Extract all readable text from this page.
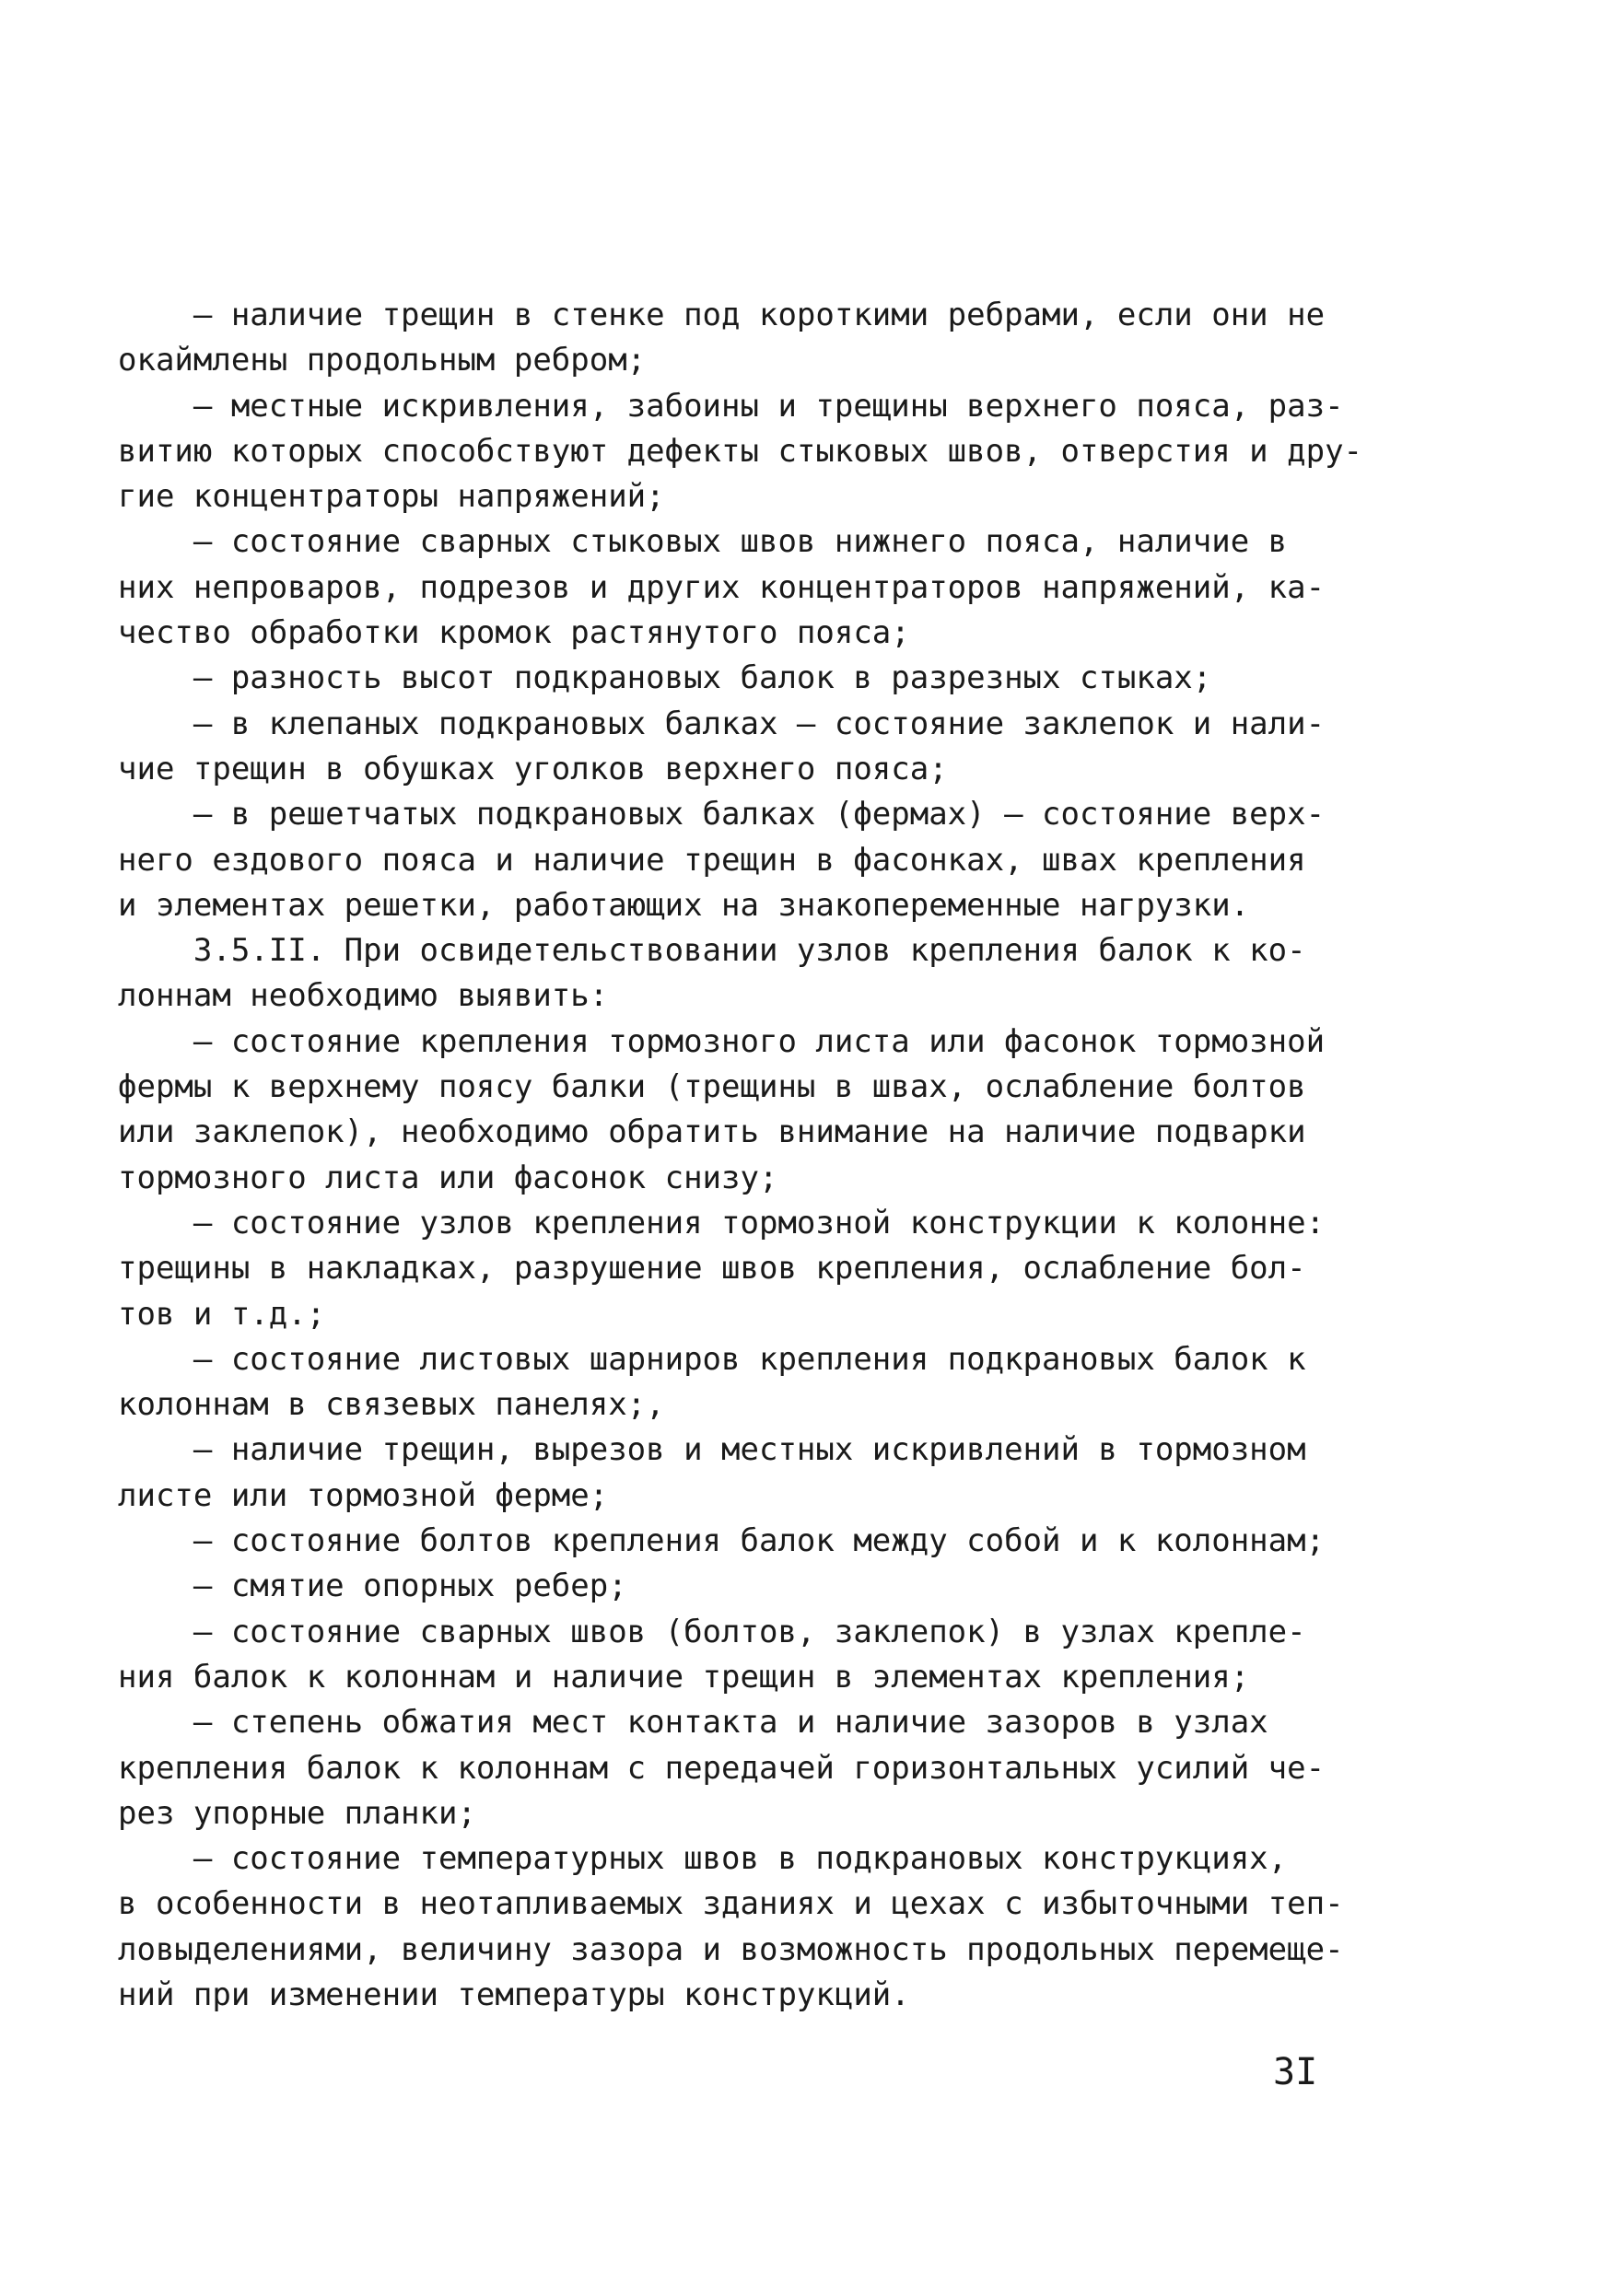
– наличие трещин в стенке под короткими ребрами, если они не
окаймлены продольным ребром;
– местные искривления, забоины и трещины верхнего пояса, раз-
витию которых способствуют дефекты стыковых швов, отверстия и дру-
гие концентраторы напряжений;
– состояние сварных стыковых швов нижнего пояса, наличие в
них непроваров, подрезов и других концентраторов напряжений, ка-
чество обработки кромок растянутого пояса;
– разность высот подкрановых балок в разрезных стыках;
– в клепаных подкрановых балках – состояние заклепок и нали-
чие трещин в обушках уголков верхнего пояса;
– в решетчатых подкрановых балках (фермах) – состояние верх-
него ездового пояса и наличие трещин в фасонках, швах крепления
и элементах решетки, работающих на знакопеременные нагрузки.
3.5.II. При освидетельствовании узлов крепления балок к ко-
лоннам необходимо выявить:
– состояние крепления тормозного листа или фасонок тормозной
фермы к верхнему поясу балки (трещины в швах, ослабление болтов
или заклепок), необходимо обратить внимание на наличие подварки
тормозного листа или фасонок снизу;
– состояние узлов крепления тормозной конструкции к колонне:
трещины в накладках, разрушение швов крепления, ослабление бол-
тов и т.д.;
– состояние листовых шарниров крепления подкрановых балок к
колоннам в связевых панелях;,
– наличие трещин, вырезов и местных искривлений в тормозном
листе или тормозной ферме;
– состояние болтов крепления балок между собой и к колоннам;
– смятие опорных ребер;
– состояние сварных швов (болтов, заклепок) в узлах крепле-
ния балок к колоннам и наличие трещин в элементах крепления;
– степень обжатия мест контакта и наличие зазоров в узлах
крепления балок к колоннам с передачей горизонтальных усилий че-
рез упорные планки;
– состояние температурных швов в подкрановых конструкциях,
в особенности в неотапливаемых зданиях и цехах с избыточными теп-
ловыделениями, величину зазора и возможность продольных перемеще-
ний при изменении температуры конструкций.
3I
